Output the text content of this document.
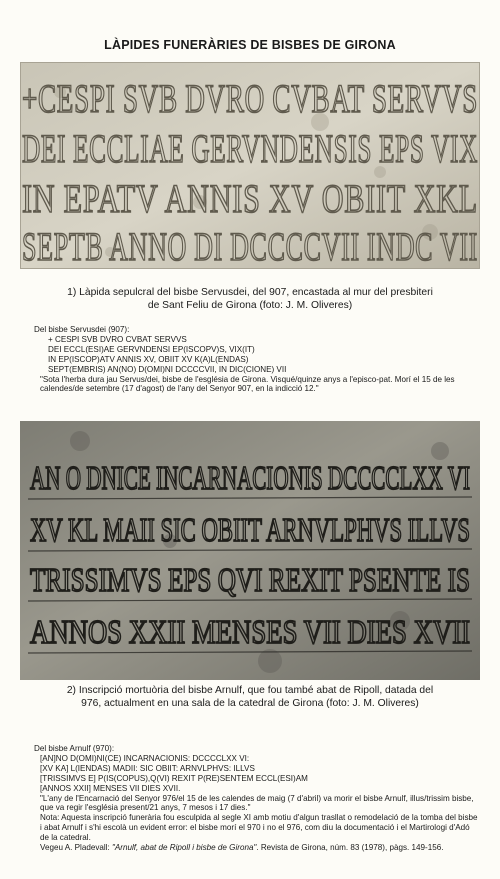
LÀPIDES FUNERÀRIES DE BISBES DE GIRONA
+CESPI SVB DVRO CVBAT SERVVS
DEI ECCLIAE GERVNDENSIS EPS VIX
IN EPATV ANNIS XV OBIIT XKL
SEPTB ANNO DI DCCCCVII INDC VII
1) Làpida sepulcral del bisbe Servusdei, del 907, encastada al mur del presbiteri de Sant Feliu de Girona (foto: J. M. Oliveres)
Del bisbe Servusdei (907):
+ CESPI SVB DVRO CVBAT SERVVS
DEI ECCL(ESI)AE GERVNDENSI EP(ISCOPV)S, VIX(IT)
IN EP(ISCOP)ATV ANNIS XV, OBIIT XV K(A)L(ENDAS)
SEPT(EMBRIS) AN(NO) D(OMI)NI DCCCCVII, IN DIC(CIONE) VII
"Sota l'herba dura jau Servus/dei, bisbe de l'església de Girona. Visqué/quinze anys a l'episco-pat. Morí el 15 de les calendes/de setembre (17 d'agost) de l'any del Senyor 907, en la indicció 12."
AN O DNICE INCARNACIONIS DCCCCLXX VI
XV KL MAII SIC OBIIT ARNVLPHVS ILLVS
TRISSIMVS EPS QVI REXIT PSENTE IS
ANNOS XXII MENSES VII DIES XVII
2) Inscripció mortuòria del bisbe Arnulf, que fou també abat de Ripoll, datada del 976, actualment en una sala de la catedral de Girona (foto: J. M. Oliveres)
Del bisbe Arnulf (970):
[AN]NO D(OMI)NI(CE) INCARNACIONIS: DCCCCLXX VI:
[XV KA] L(IENDAS) MADII: SIC OBIIT: ARNVLPHVS: ILLVS
[TRISSIMVS E] P(IS(COPUS),Q(VI) REXIT P(RE)SENTEM ECCL(ESI)AM
[ANNOS XXII] MENSES VII DIES XVII.
"L'any de l'Encarnació del Senyor 976/el 15 de les calendes de maig (7 d'abril) va morir el bisbe Arnulf, illus/trissim bisbe, que va regir l'església present/21 anys, 7 mesos i 17 dies."
Nota: Aquesta inscripció funerària fou esculpida al segle XI amb motiu d'algun trasllat o remodelació de la tomba del bisbe i abat Arnulf i s'hi escolà un evident error: el bisbe morí el 970 i no el 976, com diu la documentació i el Martirologi d'Adó de la catedral.
Vegeu A. Pladevall: "Arnulf, abat de Ripoll i bisbe de Girona". Revista de Girona, núm. 83 (1978), pàgs. 149-156.
